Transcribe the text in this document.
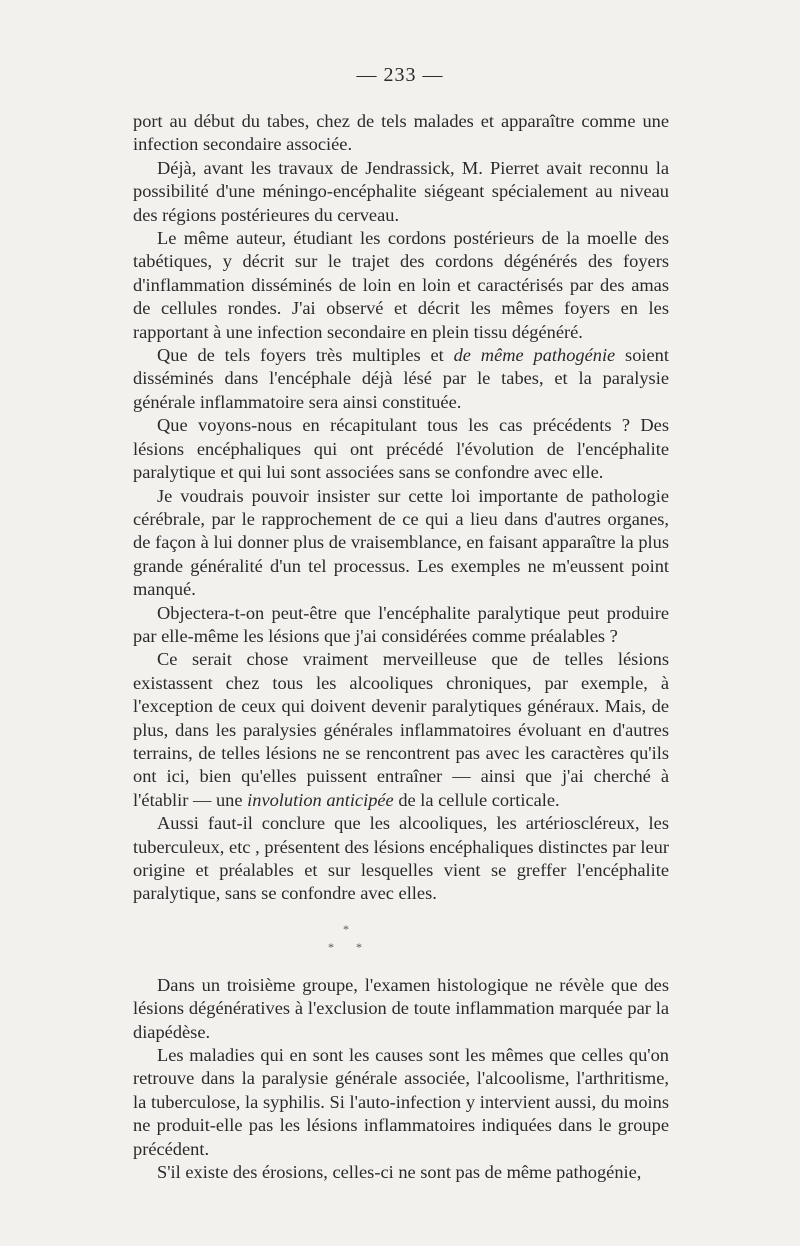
— 233 —

port au début du tabes, chez de tels malades et apparaître comme une infection secondaire associée.

Déjà, avant les travaux de Jendrassick, M. Pierret avait reconnu la possibilité d'une méningo-encéphalite siégeant spécialement au niveau des régions postérieures du cerveau.

Le même auteur, étudiant les cordons postérieurs de la moelle des tabétiques, y décrit sur le trajet des cordons dégénérés des foyers d'inflammation disséminés de loin en loin et caractérisés par des amas de cellules rondes. J'ai observé et décrit les mêmes foyers en les rapportant à une infection secondaire en plein tissu dégénéré.

Que de tels foyers très multiples et de même pathogénie soient disséminés dans l'encéphale déjà lésé par le tabes, et la paralysie générale inflammatoire sera ainsi constituée.

Que voyons-nous en récapitulant tous les cas précédents ? Des lésions encéphaliques qui ont précédé l'évolution de l'encéphalite paralytique et qui lui sont associées sans se confondre avec elle.

Je voudrais pouvoir insister sur cette loi importante de pathologie cérébrale, par le rapprochement de ce qui a lieu dans d'autres organes, de façon à lui donner plus de vraisemblance, en faisant apparaître la plus grande généralité d'un tel processus. Les exemples ne m'eussent point manqué.

Objectera-t-on peut-être que l'encéphalite paralytique peut produire par elle-même les lésions que j'ai considérées comme préalables ?

Ce serait chose vraiment merveilleuse que de telles lésions existassent chez tous les alcooliques chroniques, par exemple, à l'exception de ceux qui doivent devenir paralytiques généraux. Mais, de plus, dans les paralysies générales inflammatoires évoluant en d'autres terrains, de telles lésions ne se rencontrent pas avec les caractères qu'ils ont ici, bien qu'elles puissent entraîner — ainsi que j'ai cherché à l'établir — une involution anticipée de la cellule corticale.

Aussi faut-il conclure que les alcooliques, les artérioscléreux, les tuberculeux, etc , présentent des lésions encéphaliques distinctes par leur origine et préalables et sur lesquelles vient se greffer l'encéphalite paralytique, sans se confondre avec elles.

*
* *

Dans un troisième groupe, l'examen histologique ne révèle que des lésions dégénératives à l'exclusion de toute inflammation marquée par la diapédèse.

Les maladies qui en sont les causes sont les mêmes que celles qu'on retrouve dans la paralysie générale associée, l'alcoolisme, l'arthritisme, la tuberculose, la syphilis. Si l'auto-infection y intervient aussi, du moins ne produit-elle pas les lésions inflammatoires indiquées dans le groupe précédent.

S'il existe des érosions, celles-ci ne sont pas de même pathogénie,
